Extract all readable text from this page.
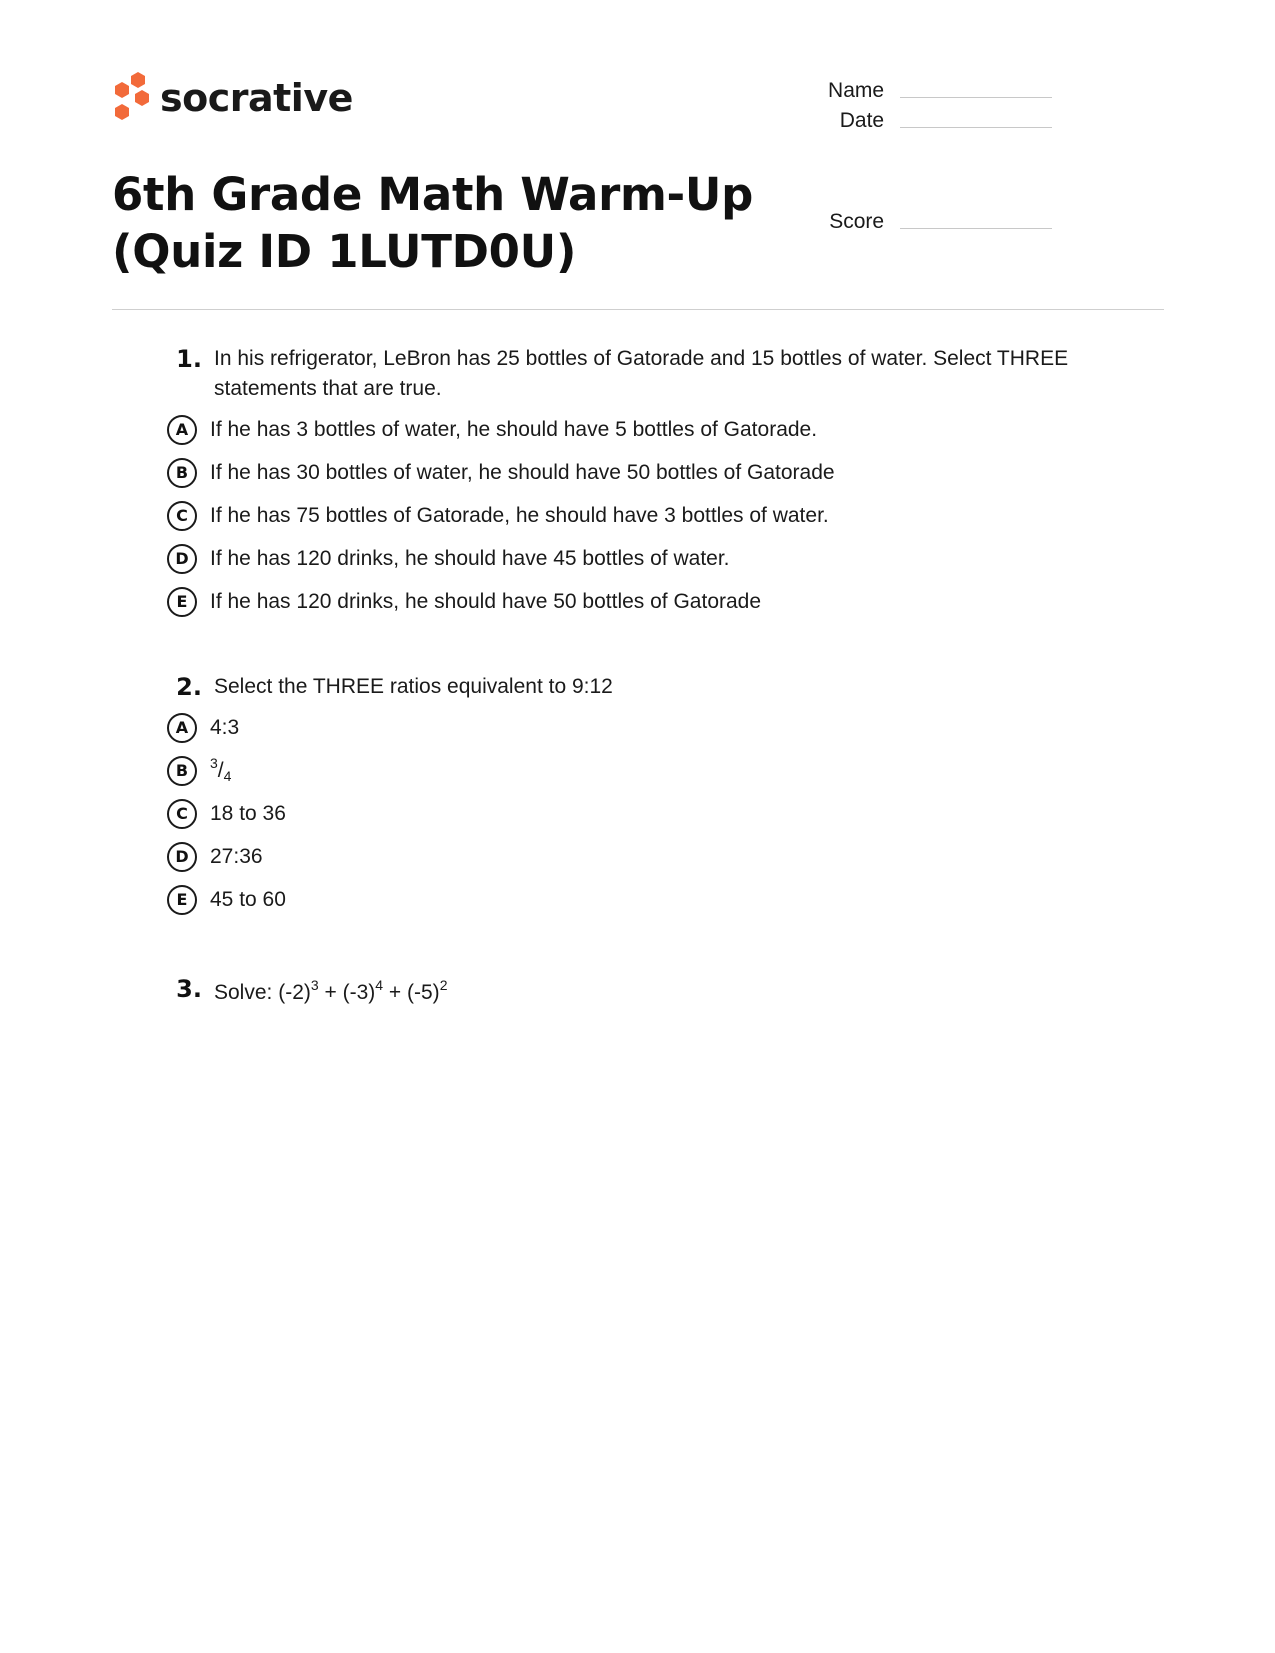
socrative
6th Grade Math Warm-Up (Quiz ID 1LUTD0U)
Name
Date
Score
1. In his refrigerator, LeBron has 25 bottles of Gatorade and 15 bottles of water. Select THREE statements that are true.
A	If he has 3 bottles of water, he should have 5 bottles of Gatorade.
B	If he has 30 bottles of water, he should have 50 bottles of Gatorade
C	If he has 75 bottles of Gatorade, he should have 3 bottles of water.
D	If he has 120 drinks, he should have 45 bottles of water.
E	If he has 120 drinks, he should have 50 bottles of Gatorade
2. Select the THREE ratios equivalent to 9:12
A	4:3
B	$^3/_4$
C	18 to 36
D	27:36
E	45 to 60
3. Solve: $(-2)^3 + (-3)^4 + (-5)^2$
